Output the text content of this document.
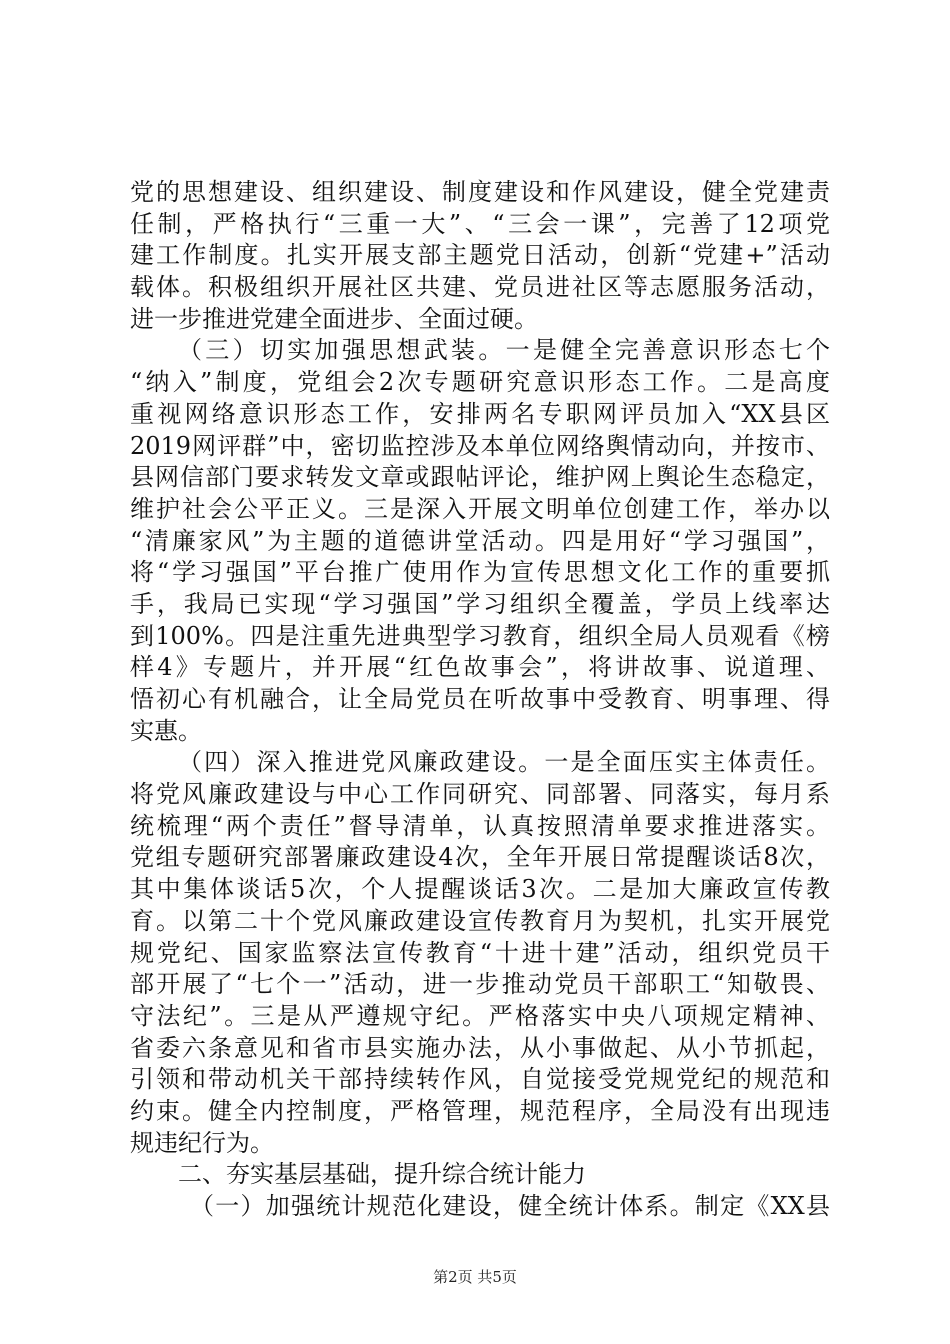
党的思想建设、组织建设、制度建设和作风建设，健全党建责
任制，严格执行“三重一大”、“三会一课”，完善了12项党
建工作制度。扎实开展支部主题党日活动，创新“党建+”活动
载体。积极组织开展社区共建、党员进社区等志愿服务活动，
进一步推进党建全面进步、全面过硬。
（三）切实加强思想武装。一是健全完善意识形态七个
“纳入”制度，党组会2次专题研究意识形态工作。二是高度
重视网络意识形态工作，安排两名专职网评员加入“XX县区
2019网评群”中，密切监控涉及本单位网络舆情动向，并按市、
县网信部门要求转发文章或跟帖评论，维护网上舆论生态稳定，
维护社会公平正义。三是深入开展文明单位创建工作，举办以
“清廉家风”为主题的道德讲堂活动。四是用好“学习强国”，
将“学习强国”平台推广使用作为宣传思想文化工作的重要抓
手，我局已实现“学习强国”学习组织全覆盖，学员上线率达
到100%。四是注重先进典型学习教育，组织全局人员观看《榜
样4》专题片，并开展“红色故事会”，将讲故事、说道理、
悟初心有机融合，让全局党员在听故事中受教育、明事理、得
实惠。
（四）深入推进党风廉政建设。一是全面压实主体责任。
将党风廉政建设与中心工作同研究、同部署、同落实，每月系
统梳理“两个责任”督导清单，认真按照清单要求推进落实。
党组专题研究部署廉政建设4次，全年开展日常提醒谈话8次，
其中集体谈话5次，个人提醒谈话3次。二是加大廉政宣传教
育。以第二十个党风廉政建设宣传教育月为契机，扎实开展党
规党纪、国家监察法宣传教育“十进十建”活动，组织党员干
部开展了“七个一”活动，进一步推动党员干部职工“知敬畏、
守法纪”。三是从严遵规守纪。严格落实中央八项规定精神、
省委六条意见和省市县实施办法，从小事做起、从小节抓起，
引领和带动机关干部持续转作风，自觉接受党规党纪的规范和
约束。健全内控制度，严格管理，规范程序，全局没有出现违
规违纪行为。
二、夯实基层基础，提升综合统计能力
（一）加强统计规范化建设，健全统计体系。制定《XX县
第2页 共5页
